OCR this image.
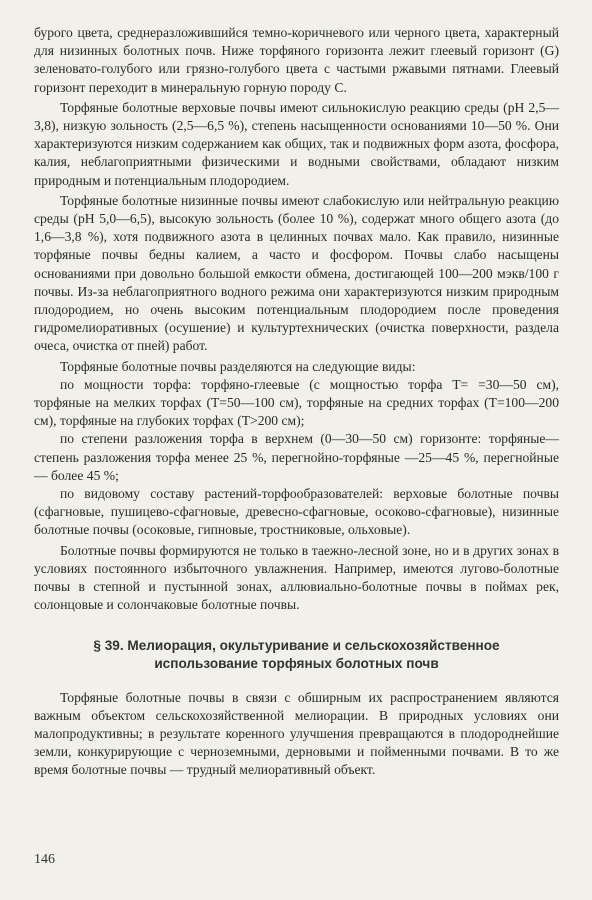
бурого цвета, среднеразложившийся темно-коричневого или черного цвета, характерный для низинных болотных почв. Ниже торфяного горизонта лежит глеевый горизонт (G) зеленовато-голубого или грязно-голубого цвета с частыми ржавыми пятнами. Глеевый горизонт переходит в минеральную горную породу С.

Торфяные болотные верховые почвы имеют сильнокислую реакцию среды (рН 2,5—3,8), низкую зольность (2,5—6,5 %), степень насыщенности основаниями 10—50 %. Они характеризуются низким содержанием как общих, так и подвижных форм азота, фосфора, калия, неблагоприятными физическими и водными свойствами, обладают низким природным и потенциальным плодородием.

Торфяные болотные низинные почвы имеют слабокислую или нейтральную реакцию среды (рН 5,0—6,5), высокую зольность (более 10 %), содержат много общего азота (до 1,6—3,8 %), хотя подвижного азота в целинных почвах мало. Как правило, низинные торфяные почвы бедны калием, а часто и фосфором. Почвы слабо насыщены основаниями при довольно большой емкости обмена, достигающей 100—200 мэкв/100 г почвы. Из-за неблагоприятного водного режима они характеризуются низким природным плодородием, но очень высоким потенциальным плодородием после проведения гидромелиоративных (осушение) и культуртехнических (очистка поверхности, раздела очеса, очистка от пней) работ.

Торфяные болотные почвы разделяются на следующие виды:

по мощности торфа: торфяно-глеевые (с мощностью торфа Т= =30—50 см), торфяные на мелких торфах (Т=50—100 см), торфяные на средних торфах (Т=100—200 см), торфяные на глубоких торфах (Т>200 см);

по степени разложения торфа в верхнем (0—30—50 см) горизонте: торфяные— степень разложения торфа менее 25 %, перегнойно-торфяные —25—45 %, перегнойные — более 45 %;

по видовому составу растений-торфообразователей: верховые болотные почвы (сфагновые, пушицево-сфагновые, древесно-сфагновые, осоково-сфагновые), низинные болотные почвы (осоковые, гипновые, тростниковые, ольховые).

Болотные почвы формируются не только в таежно-лесной зоне, но и в других зонах в условиях постоянного избыточного увлажнения. Например, имеются лугово-болотные почвы в степной и пустынной зонах, аллювиально-болотные почвы в поймах рек, солонцовые и солончаковые болотные почвы.

§ 39. Мелиорация, окультуривание и сельскохозяйственное использование торфяных болотных почв

Торфяные болотные почвы в связи с обширным их распространением являются важным объектом сельскохозяйственной мелиорации. В природных условиях они малопродуктивны; в результате коренного улучшения превращаются в плодороднейшие земли, конкурирующие с черноземными, дерновыми и пойменными почвами. В то же время болотные почвы — трудный мелиоративный объект.

146
